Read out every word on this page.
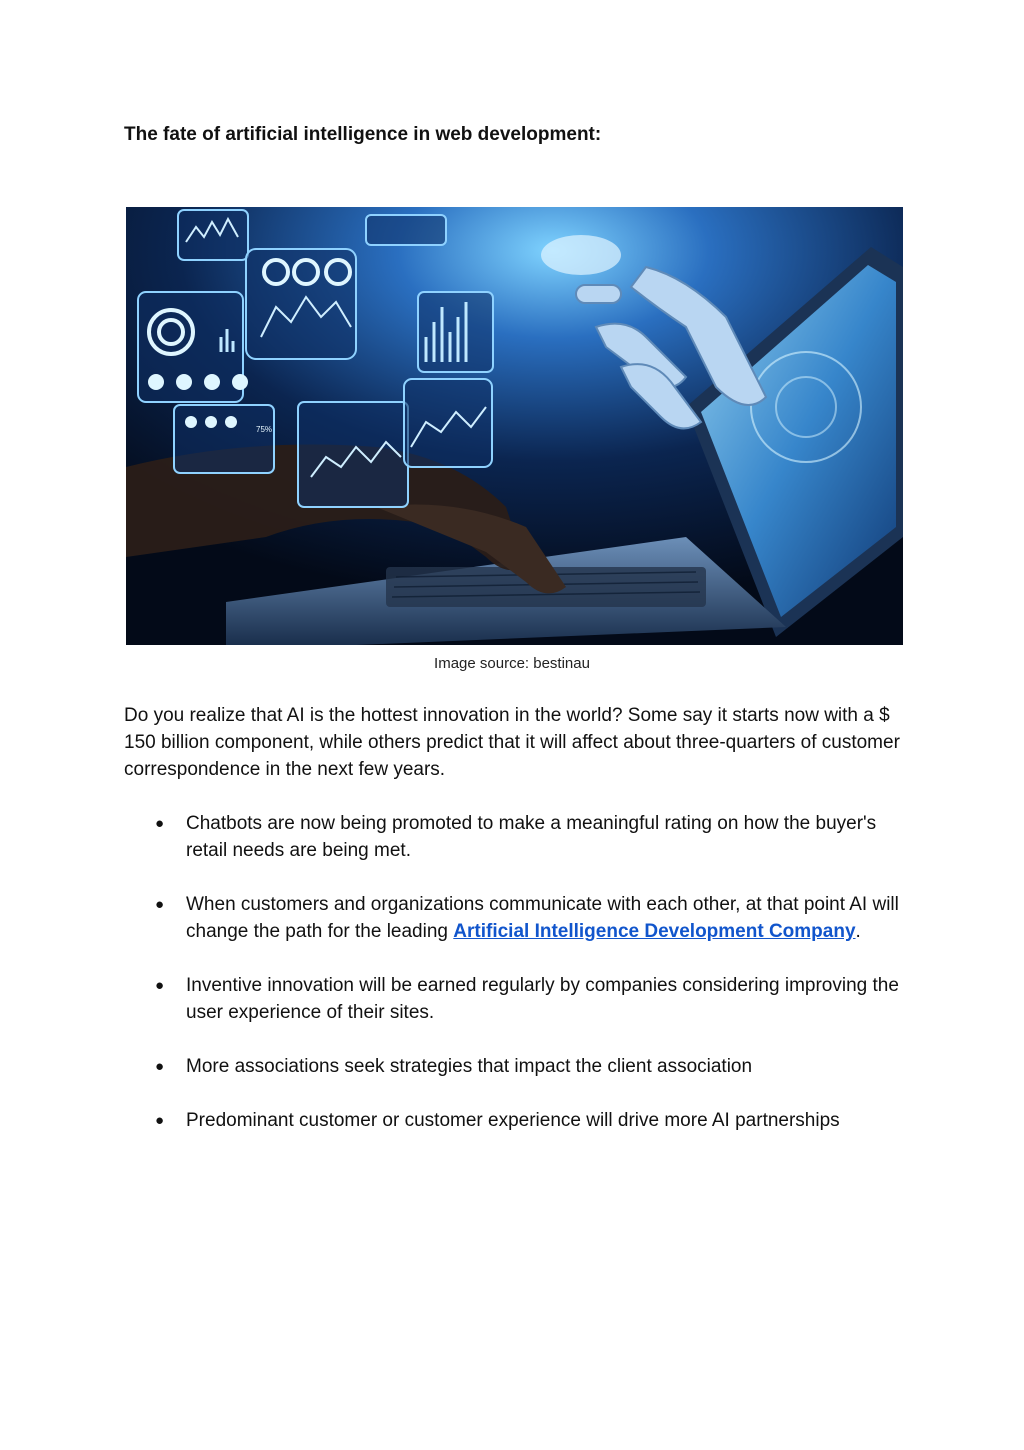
The fate of artificial intelligence in web development:
75%
Image source: bestinau

Do you realize that AI is the hottest innovation in the world? Some say it starts now with a $ 150 billion component, while others predict that it will affect about three-quarters of customer correspondence in the next few years.

● Chatbots are now being promoted to make a meaningful rating on how the buyer's retail needs are being met.
● When customers and organizations communicate with each other, at that point AI will change the path for the leading Artificial Intelligence Development Company.
● Inventive innovation will be earned regularly by companies considering improving the user experience of their sites.
● More associations seek strategies that impact the client association
● Predominant customer or customer experience will drive more AI partnerships
